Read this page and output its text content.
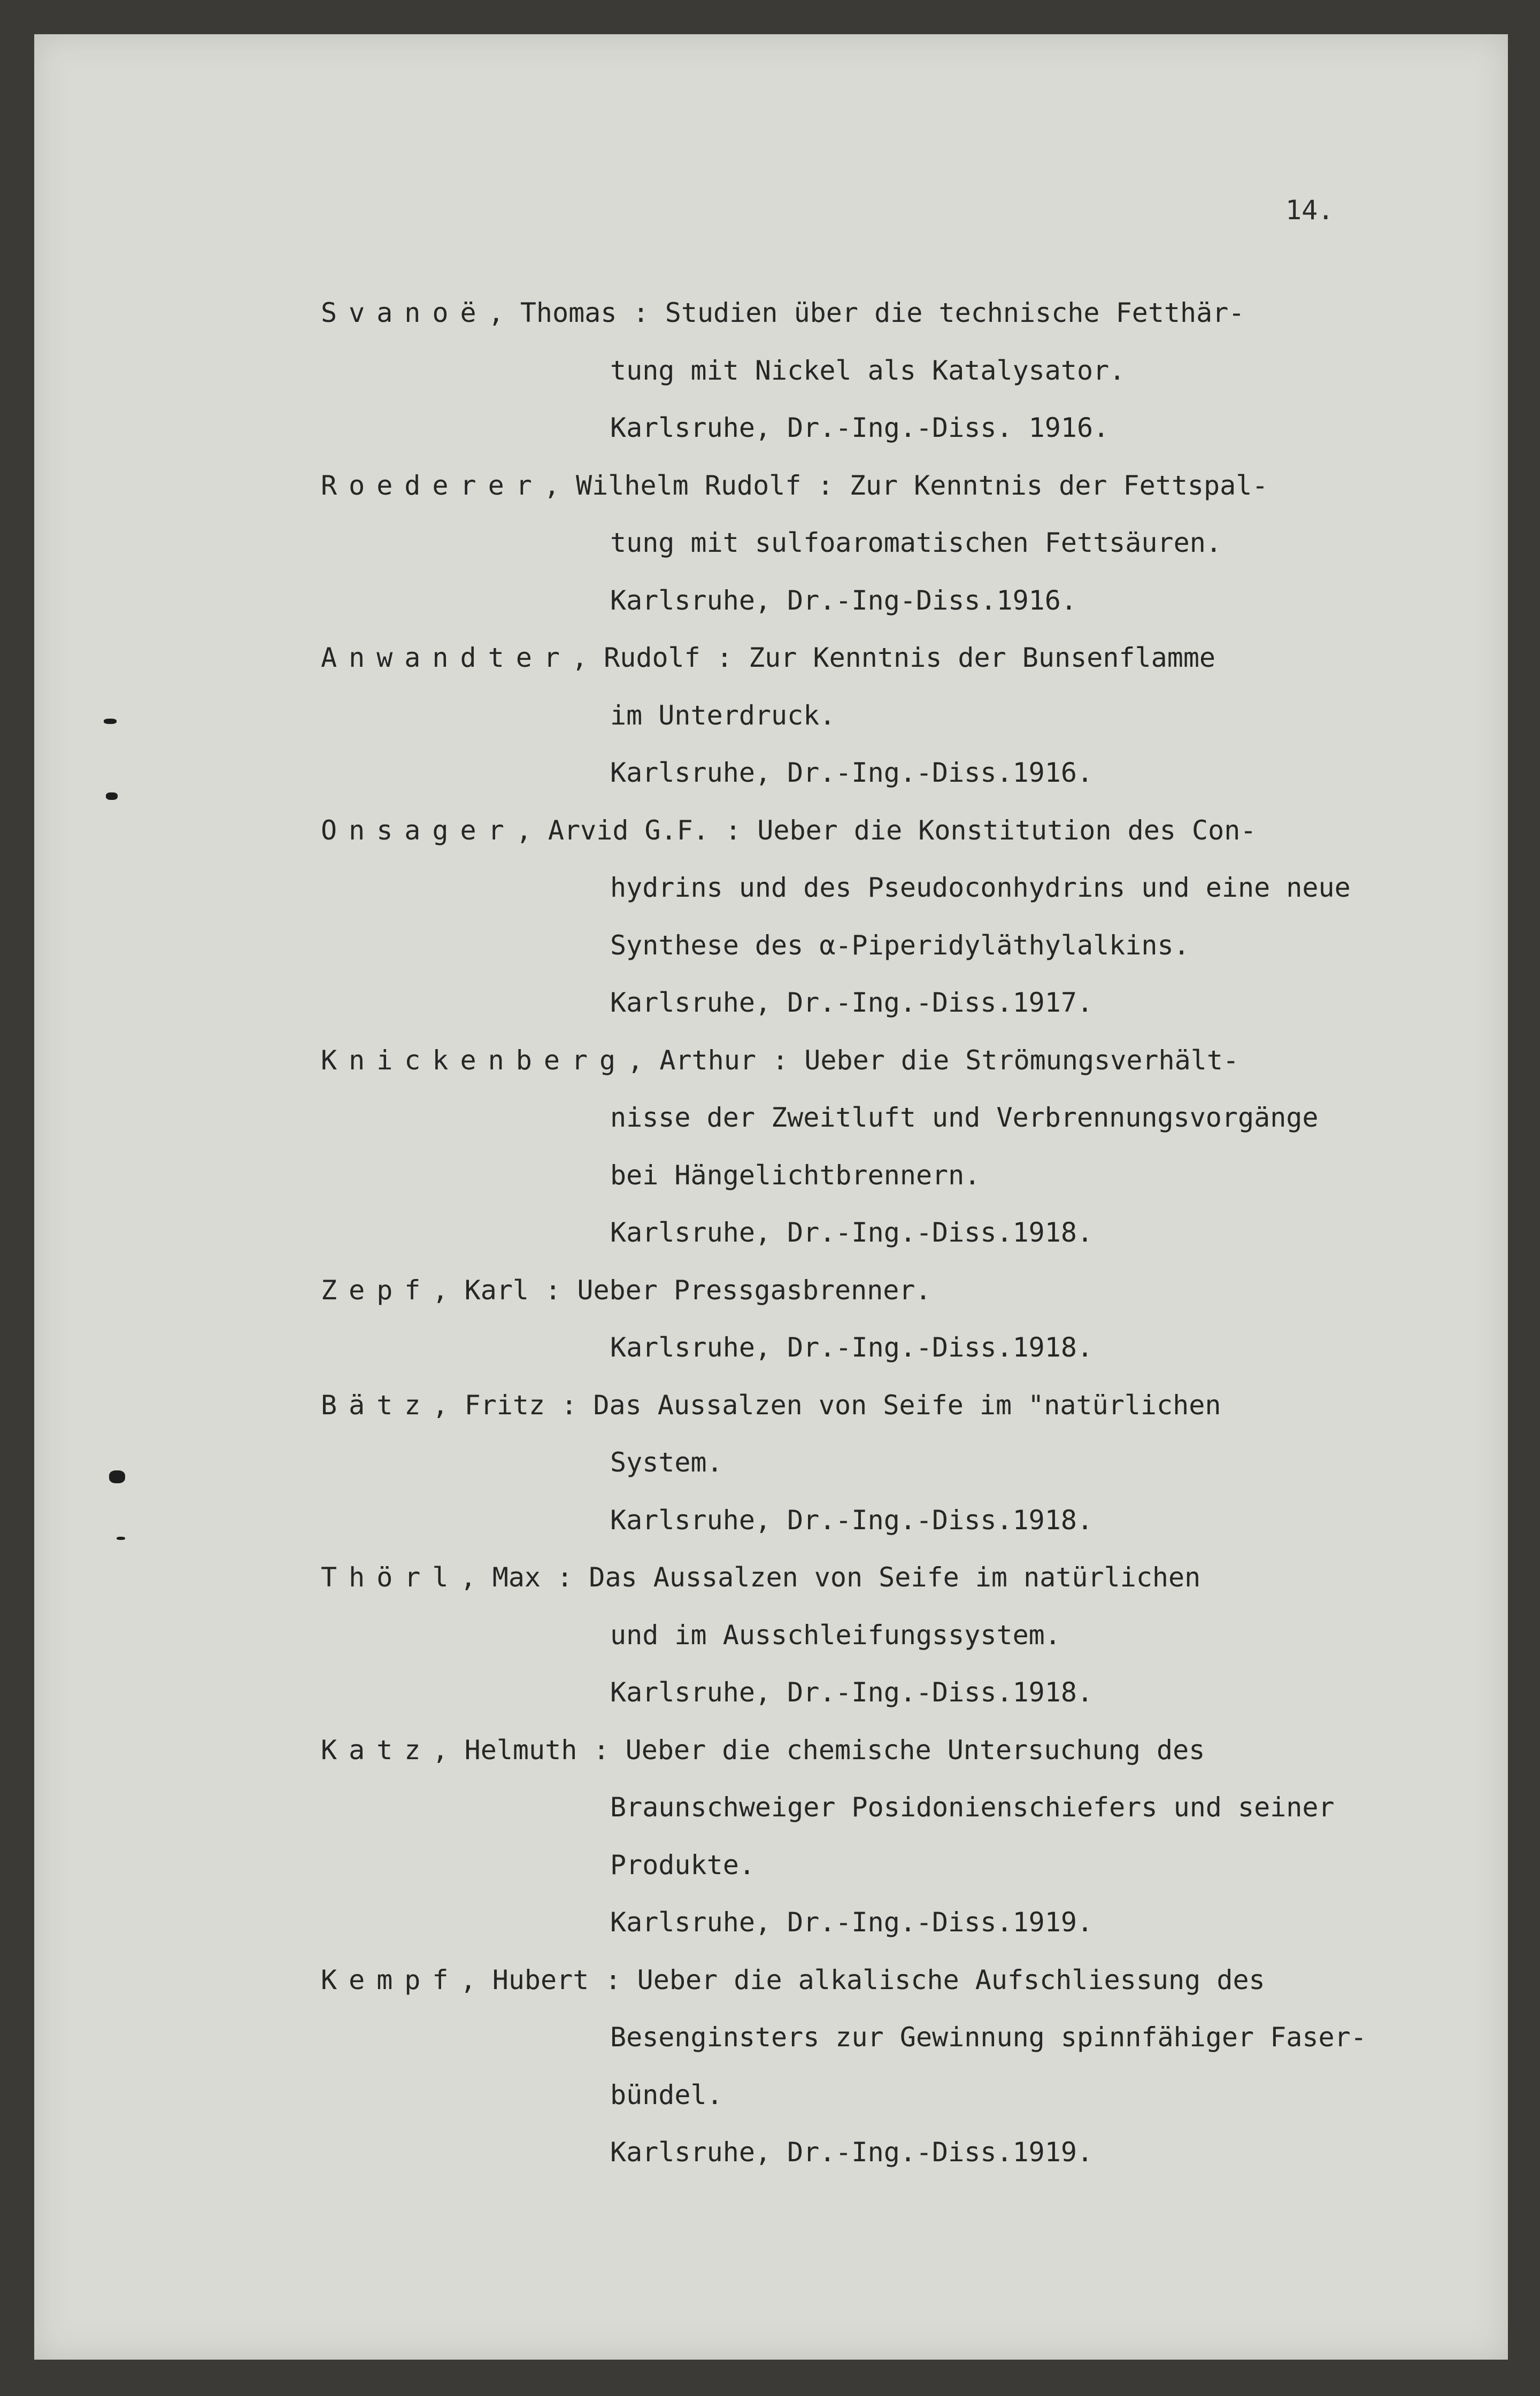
14.
Svanoë, Thomas : Studien über die technische Fetthär-
tung mit Nickel als Katalysator.
Karlsruhe, Dr.-Ing.-Diss. 1916.
Roederer, Wilhelm Rudolf : Zur Kenntnis der Fettspal-
tung mit sulfoaromatischen Fettsäuren.
Karlsruhe, Dr.-Ing-Diss.1916.
Anwandter, Rudolf : Zur Kenntnis der Bunsenflamme
im Unterdruck.
Karlsruhe, Dr.-Ing.-Diss.1916.
Onsager, Arvid G.F. : Ueber die Konstitution des Con-
hydrins und des Pseudoconhydrins und eine neue
Synthese des α-Piperidyläthylalkins.
Karlsruhe, Dr.-Ing.-Diss.1917.
Knickenberg, Arthur : Ueber die Strömungsverhält-
nisse der Zweitluft und Verbrennungsvorgänge
bei Hängelichtbrennern.
Karlsruhe, Dr.-Ing.-Diss.1918.
Zepf, Karl : Ueber Pressgasbrenner.
Karlsruhe, Dr.-Ing.-Diss.1918.
Bätz, Fritz : Das Aussalzen von Seife im "natürlichen
System.
Karlsruhe, Dr.-Ing.-Diss.1918.
Thörl, Max : Das Aussalzen von Seife im natürlichen
und im Ausschleifungssystem.
Karlsruhe, Dr.-Ing.-Diss.1918.
Katz, Helmuth : Ueber die chemische Untersuchung des
Braunschweiger Posidonienschiefers und seiner
Produkte.
Karlsruhe, Dr.-Ing.-Diss.1919.
Kempf, Hubert : Ueber die alkalische Aufschliessung des
Besenginsters zur Gewinnung spinnfähiger Faser-
bündel.
Karlsruhe, Dr.-Ing.-Diss.1919.
